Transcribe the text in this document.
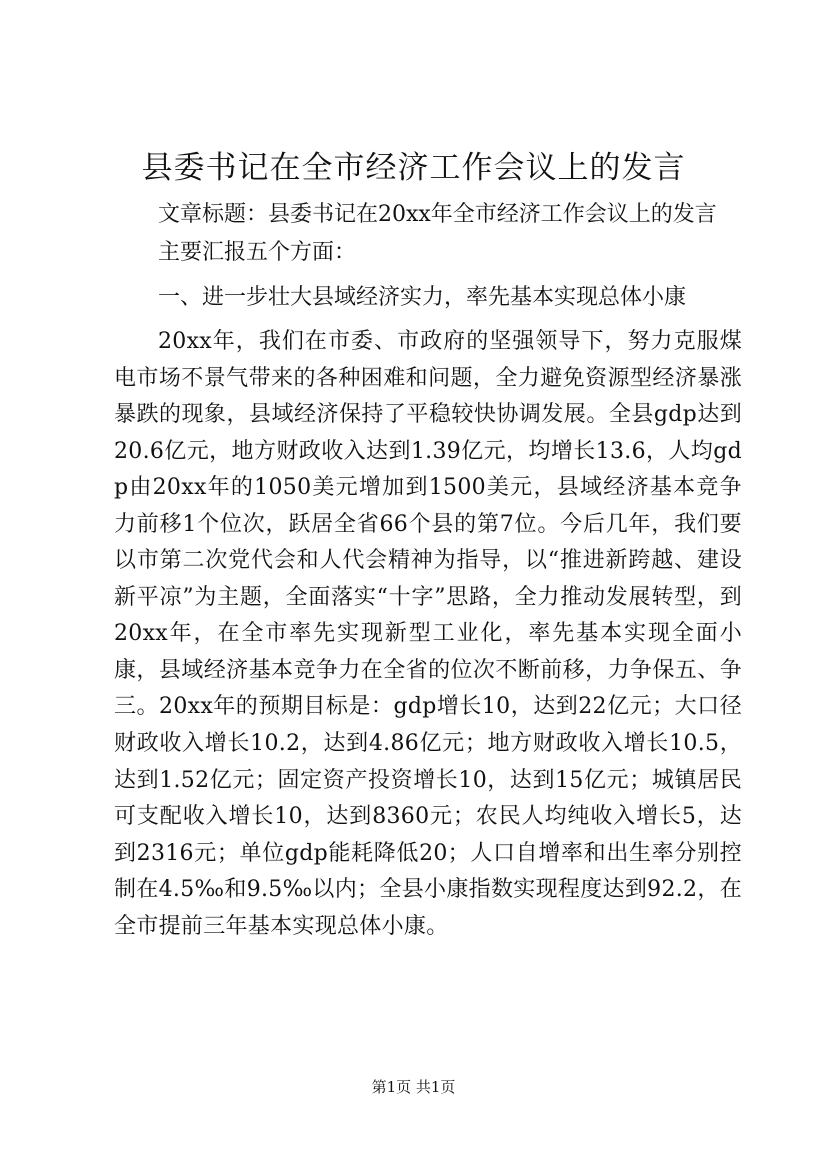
县委书记在全市经济工作会议上的发言
文章标题：县委书记在20xx年全市经济工作会议上的发言
主要汇报五个方面：
一、进一步壮大县域经济实力，率先基本实现总体小康
20xx年，我们在市委、市政府的坚强领导下，努力克服煤电市场不景气带来的各种困难和问题，全力避免资源型经济暴涨暴跌的现象，县域经济保持了平稳较快协调发展。全县gdp达到20.6亿元，地方财政收入达到1.39亿元，均增长13.6，人均gdp由20xx年的1050美元增加到1500美元，县域经济基本竞争力前移1个位次，跃居全省66个县的第7位。今后几年，我们要以市第二次党代会和人代会精神为指导，以“推进新跨越、建设新平凉”为主题，全面落实“十字”思路，全力推动发展转型，到20xx年，在全市率先实现新型工业化，率先基本实现全面小康，县域经济基本竞争力在全省的位次不断前移，力争保五、争三。20xx年的预期目标是：gdp增长10，达到22亿元；大口径财政收入增长10.2，达到4.86亿元；地方财政收入增长10.5，达到1.52亿元；固定资产投资增长10，达到15亿元；城镇居民可支配收入增长10，达到8360元；农民人均纯收入增长5，达到2316元；单位gdp能耗降低20；人口自增率和出生率分别控制在4.5‰和9.5‰以内；全县小康指数实现程度达到92.2，在全市提前三年基本实现总体小康。
第1页 共1页
